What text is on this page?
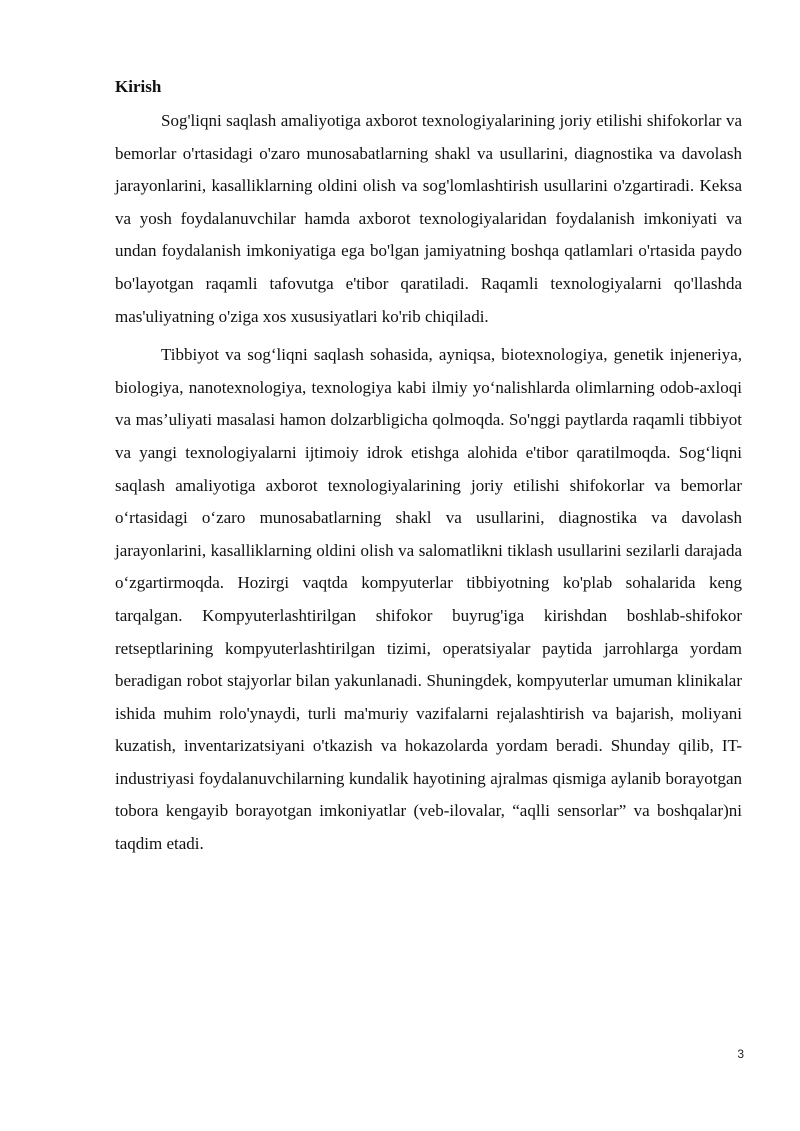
Kirish

Sog'liqni saqlash amaliyotiga axborot texnologiyalarining joriy etilishi shifokorlar va bemorlar o'rtasidagi o'zaro munosabatlarning shakl va usullarini, diagnostika va davolash jarayonlarini, kasalliklarning oldini olish va sog'lomlashtirish usullarini o'zgartiradi. Keksa va yosh foydalanuvchilar hamda axborot texnologiyalaridan foydalanish imkoniyati va undan foydalanish imkoniyatiga ega bo'lgan jamiyatning boshqa qatlamlari o'rtasida paydo bo'layotgan raqamli tafovutga e'tibor qaratiladi. Raqamli texnologiyalarni qo'llashda mas'uliyatning o'ziga xos xususiyatlari ko'rib chiqiladi.

Tibbiyot va sog‘liqni saqlash sohasida, ayniqsa, biotexnologiya, genetik injeneriya, biologiya, nanotexnologiya, texnologiya kabi ilmiy yo‘nalishlarda olimlarning odob-axloqi va mas’uliyati masalasi hamon dolzarbligicha qolmoqda. So'nggi paytlarda raqamli tibbiyot va yangi texnologiyalarni ijtimoiy idrok etishga alohida e'tibor qaratilmoqda. Sog‘liqni saqlash amaliyotiga axborot texnologiyalarining joriy etilishi shifokorlar va bemorlar o‘rtasidagi o‘zaro munosabatlarning shakl va usullarini, diagnostika va davolash jarayonlarini, kasalliklarning oldini olish va salomatlikni tiklash usullarini sezilarli darajada o‘zgartirmoqda. Hozirgi vaqtda kompyuterlar tibbiyotning ko'plab sohalarida keng tarqalgan. Kompyuterlashtirilgan shifokor buyrug'iga kirishdan boshlab-shifokor retseptlarining kompyuterlashtirilgan tizimi, operatsiyalar paytida jarrohlarga yordam beradigan robot stajyorlar bilan yakunlanadi. Shuningdek, kompyuterlar umuman klinikalar ishida muhim rolo'ynaydi, turli ma'muriy vazifalarni rejalashtirish va bajarish, moliyani kuzatish, inventarizatsiyani o'tkazish va hokazolarda yordam beradi. Shunday qilib, IT-industriyasi foydalanuvchilarning kundalik hayotining ajralmas qismiga aylanib borayotgan tobora kengayib borayotgan imkoniyatlar (veb-ilovalar, “aqlli sensorlar” va boshqalar)ni taqdim etadi.

3
